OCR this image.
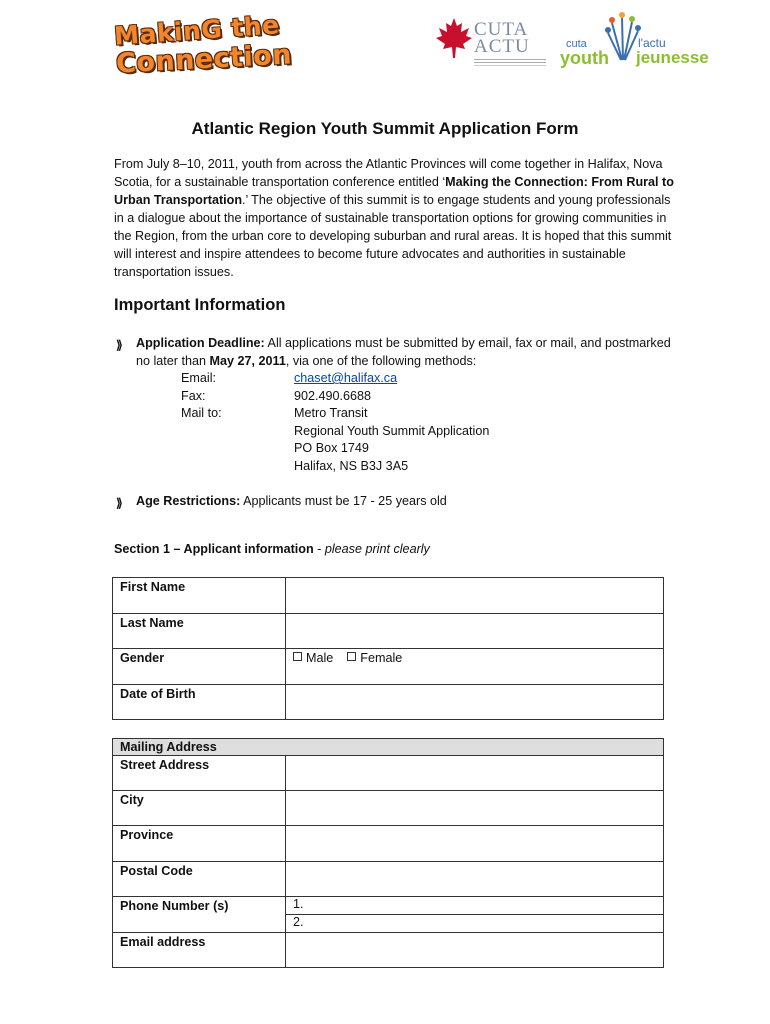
MakinG the
Connection
CUTA
ACTU	cuta
youth
l'actu
jeunesse
Atlantic Region Youth Summit Application Form
From July 8–10, 2011, youth from across the Atlantic Provinces will come together in Halifax, Nova Scotia, for a sustainable transportation conference entitled ‘Making the Connection: From Rural to Urban Transportation.’ The objective of this summit is to engage students and young professionals in a dialogue about the importance of sustainable transportation options for growing communities in the Region, from the urban core to developing suburban and rural areas. It is hoped that this summit will interest and inspire attendees to become future advocates and authorities in sustainable transportation issues.
Important Information
⟫ Application Deadline: All applications must be submitted by email, fax or mail, and postmarked no later than May 27, 2011, via one of the following methods:
Email:	chaset@halifax.ca
Fax:	902.490.6688
Mail to:	Metro Transit
Regional Youth Summit Application
PO Box 1749
Halifax, NS B3J 3A5
⟫ Age Restrictions: Applicants must be 17 - 25 years old
Section 1 – Applicant information - please print clearly
First Name	
Last Name	
Gender	Male Female
Date of Birth	
Mailing Address	
Street Address	
City	
Province	
Postal Code	
Phone Number (s)	1.
	2.
Email address	
